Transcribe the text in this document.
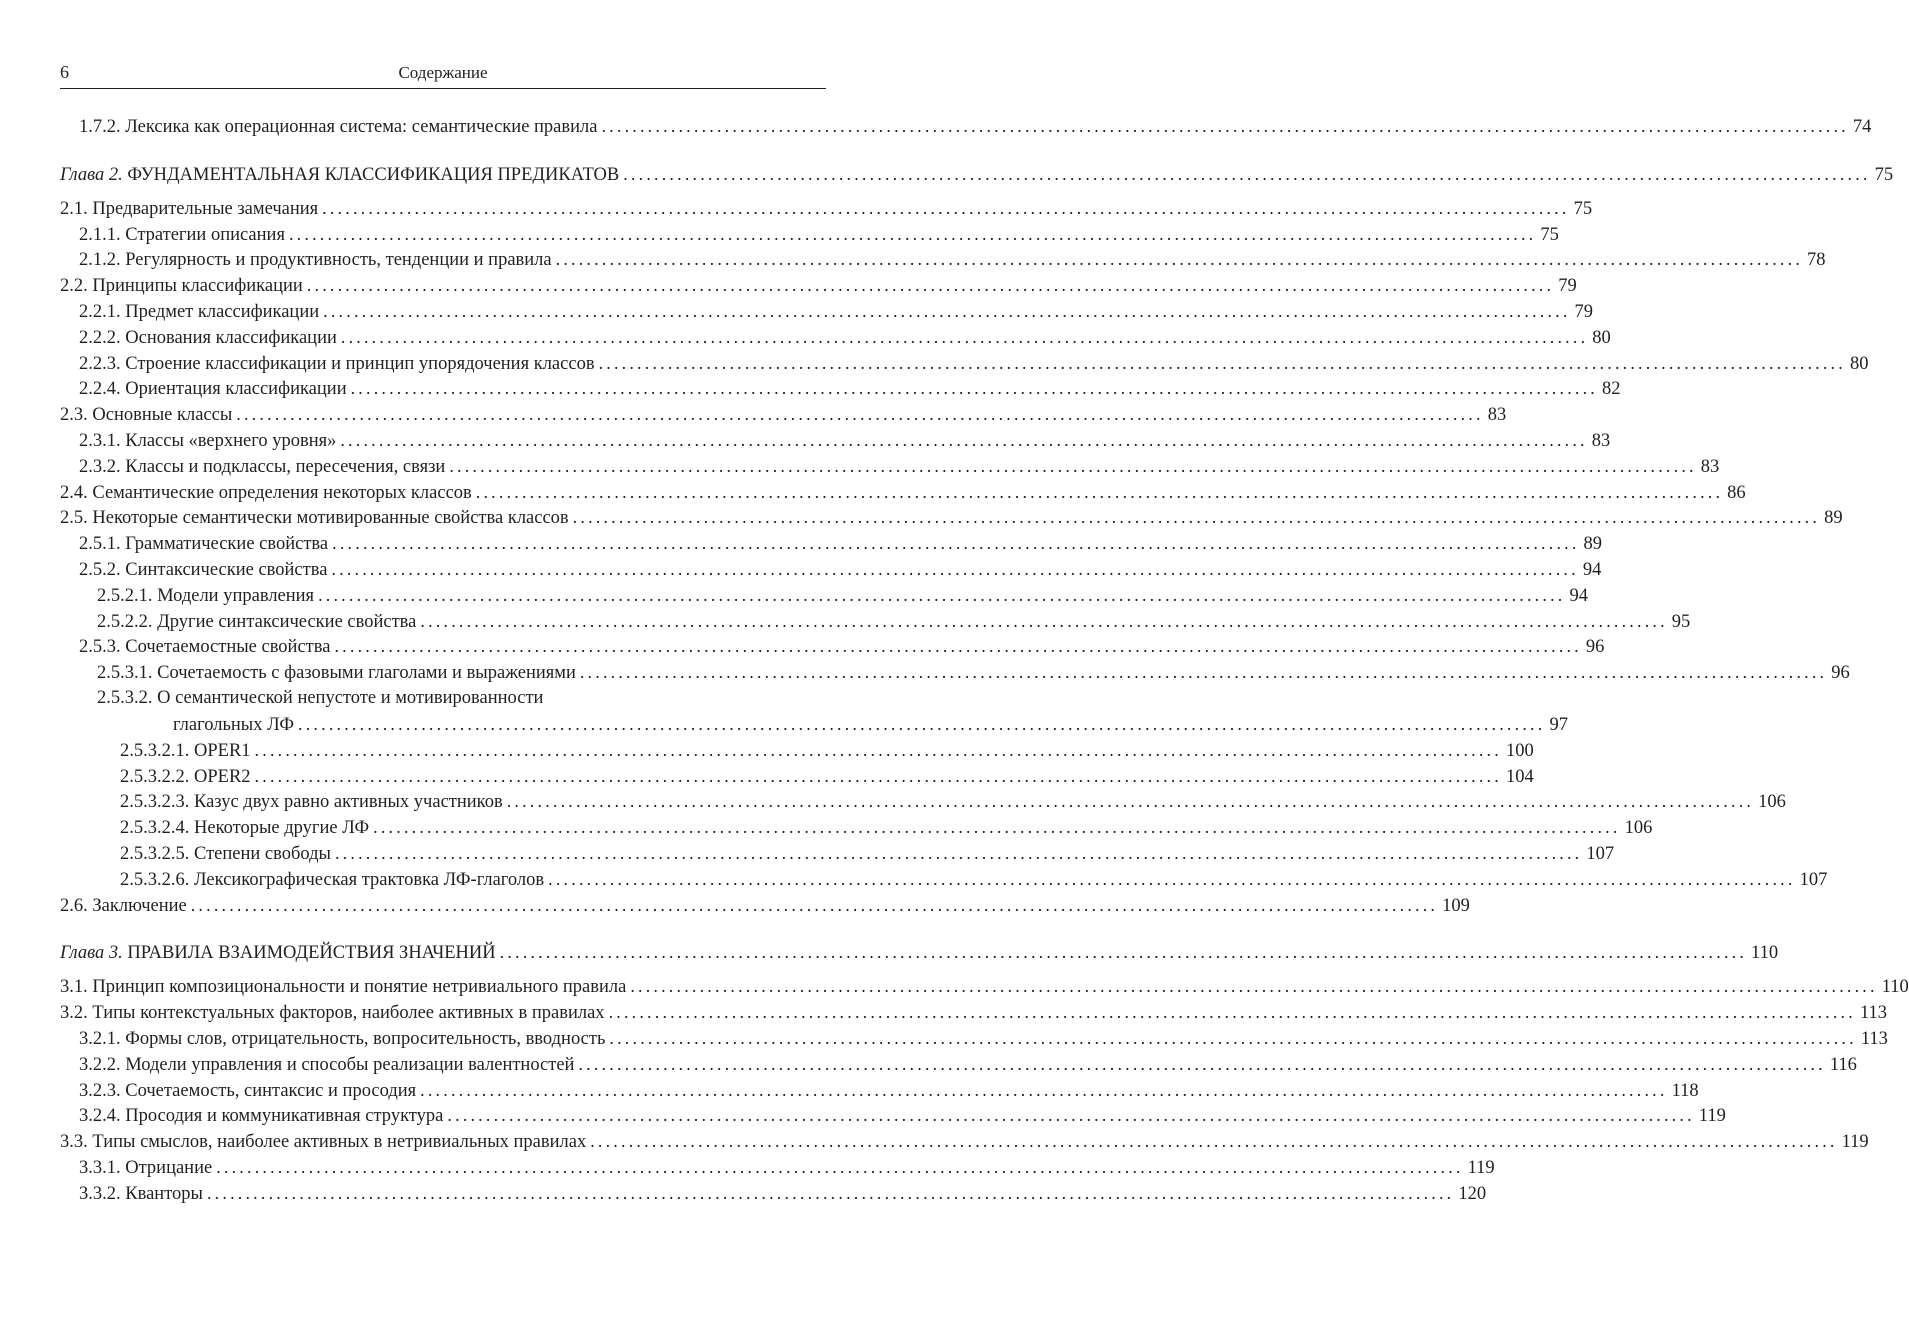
6	Содержание
1.7.2. Лексика как операционная система: семантические правила .................................................................................................................................................................. 74
Глава 2. ФУНДАМЕНТАЛЬНАЯ КЛАССИФИКАЦИЯ ПРЕДИКАТОВ .................................................................................................................................................................. 75
2.1. Предварительные замечания .................................................................................................................................................................. 75
2.1.1. Стратегии описания .................................................................................................................................................................. 75
2.1.2. Регулярность и продуктивность, тенденции и правила .................................................................................................................................................................. 78
2.2. Принципы классификации .................................................................................................................................................................. 79
2.2.1. Предмет классификации .................................................................................................................................................................. 79
2.2.2. Основания классификации .................................................................................................................................................................. 80
2.2.3. Строение классификации и принцип упорядочения классов .................................................................................................................................................................. 80
2.2.4. Ориентация классификации .................................................................................................................................................................. 82
2.3. Основные классы .................................................................................................................................................................. 83
2.3.1. Классы «верхнего уровня» .................................................................................................................................................................. 83
2.3.2. Классы и подклассы, пересечения, связи .................................................................................................................................................................. 83
2.4. Семантические определения некоторых классов .................................................................................................................................................................. 86
2.5. Некоторые семантически мотивированные свойства классов .................................................................................................................................................................. 89
2.5.1. Грамматические свойства .................................................................................................................................................................. 89
2.5.2. Синтаксические свойства .................................................................................................................................................................. 94
2.5.2.1. Модели управления .................................................................................................................................................................. 94
2.5.2.2. Другие синтаксические свойства .................................................................................................................................................................. 95
2.5.3. Сочетаемостные свойства .................................................................................................................................................................. 96
2.5.3.1. Сочетаемость с фазовыми глаголами и выражениями .................................................................................................................................................................. 96
2.5.3.2. О семантической непустоте и мотивированности
глагольных ЛФ .................................................................................................................................................................. 97
2.5.3.2.1. OPER1 .................................................................................................................................................................. 100
2.5.3.2.2. OPER2 .................................................................................................................................................................. 104
2.5.3.2.3. Казус двух равно активных участников .................................................................................................................................................................. 106
2.5.3.2.4. Некоторые другие ЛФ .................................................................................................................................................................. 106
2.5.3.2.5. Степени свободы .................................................................................................................................................................. 107
2.5.3.2.6. Лексикографическая трактовка ЛФ-глаголов .................................................................................................................................................................. 107
2.6. Заключение .................................................................................................................................................................. 109
Глава 3. ПРАВИЛА ВЗАИМОДЕЙСТВИЯ ЗНАЧЕНИЙ .................................................................................................................................................................. 110
3.1. Принцип композициональности и понятие нетривиального правила .................................................................................................................................................................. 110
3.2. Типы контекстуальных факторов, наиболее активных в правилах .................................................................................................................................................................. 113
3.2.1. Формы слов, отрицательность, вопросительность, вводность .................................................................................................................................................................. 113
3.2.2. Модели управления и способы реализации валентностей .................................................................................................................................................................. 116
3.2.3. Сочетаемость, синтаксис и просодия .................................................................................................................................................................. 118
3.2.4. Просодия и коммуникативная структура .................................................................................................................................................................. 119
3.3. Типы смыслов, наиболее активных в нетривиальных правилах .................................................................................................................................................................. 119
3.3.1. Отрицание .................................................................................................................................................................. 119
3.3.2. Кванторы .................................................................................................................................................................. 120
